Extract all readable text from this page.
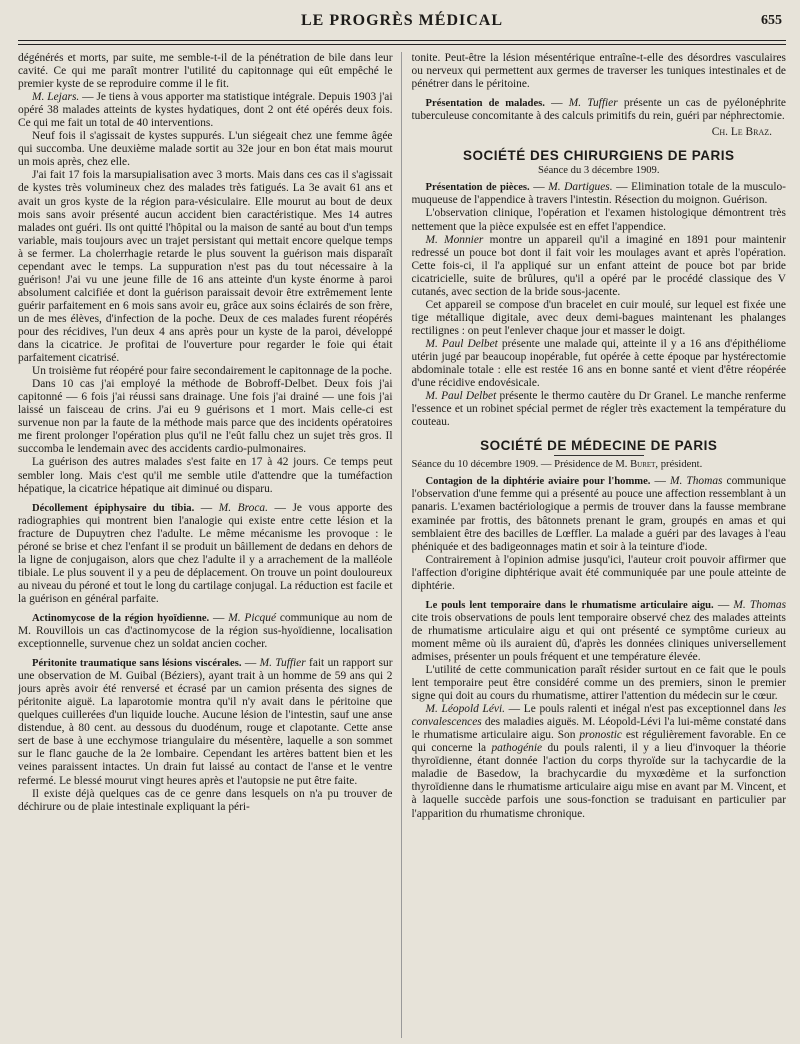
LE PROGRÈS MÉDICAL	655

dégénérés et morts, par suite, me semble-t-il de la pénétration de bile dans leur cavité. Ce qui me paraît montrer l'utilité du capitonnage qui eût empêché le premier kyste de se reproduire comme il le fit.

M. Lejars. — Je tiens à vous apporter ma statistique intégrale. Depuis 1903 j'ai opéré 38 malades atteints de kystes hydatiques, dont 2 ont été opérés deux fois. Ce qui me fait un total de 40 interventions.

Neuf fois il s'agissait de kystes suppurés. L'un siégeait chez une femme âgée qui succomba. Une deuxième malade sortit au 32e jour en bon état mais mourut un mois après, chez elle.

J'ai fait 17 fois la marsupialisation avec 3 morts. Mais dans ces cas il s'agissait de kystes très volumineux chez des malades très fatigués. La 3e avait 61 ans et avait un gros kyste de la région para-vésiculaire. Elle mourut au bout de deux mois sans avoir présenté aucun accident bien caractéristique. Mes 14 autres malades ont guéri. Ils ont quitté l'hôpital ou la maison de santé au bout d'un temps variable, mais toujours avec un trajet persistant qui mettait encore quelque temps à se fermer. La cholerrhagie retarde le plus souvent la guérison mais disparaît cependant avec le temps. La suppuration n'est pas du tout nécessaire à la guérison! J'ai vu une jeune fille de 16 ans atteinte d'un kyste énorme à paroi absolument calcifiée et dont la guérison paraissait devoir être extrêmement lente guérir parfaitement en 6 mois sans avoir eu, grâce aux soins éclairés de son frère, un de mes élèves, d'infection de la poche. Deux de ces malades furent réopérés pour des récidives, l'un deux 4 ans après pour un kyste de la paroi, développé dans la cicatrice. Je profitai de l'ouverture pour regarder le foie qui était parfaitement cicatrisé.

Un troisième fut réopéré pour faire secondairement le capitonnage de la poche.

Dans 10 cas j'ai employé la méthode de Bobroff-Delbet. Deux fois j'ai capitonné — 6 fois j'ai réussi sans drainage. Une fois j'ai drainé — une fois j'ai laissé un faisceau de crins. J'ai eu 9 guérisons et 1 mort. Mais celle-ci est survenue non par la faute de la méthode mais parce que des incidents opératoires me firent prolonger l'opération plus qu'il ne l'eût fallu chez un sujet très gros. Il succomba le lendemain avec des accidents cardio-pulmonaires.

La guérison des autres malades s'est faite en 17 à 42 jours. Ce temps peut sembler long. Mais c'est qu'il me semble utile d'attendre que la tuméfaction hépatique, la cicatrice hépatique ait diminué ou disparu.

Décollement épiphysaire du tibia. — M. Broca. — Je vous apporte des radiographies qui montrent bien l'analogie qui existe entre cette lésion et la fracture de Dupuytren chez l'adulte. Le même mécanisme les provoque : le péroné se brise et chez l'enfant il se produit un bâillement de dedans en dehors de la ligne de conjugaison, alors que chez l'adulte il y a arrachement de la malléole tibiale. Le plus souvent il y a peu de déplacement. On trouve un point douloureux au niveau du péroné et tout le long du cartilage conjugal. La réduction est facile et la guérison en général parfaite.

Actinomycose de la région hyoïdienne. — M. Picqué communique au nom de M. Rouvillois un cas d'actinomycose de la région sus-hyoïdienne, localisation exceptionnelle, survenue chez un soldat ancien cocher.

Péritonite traumatique sans lésions viscérales. — M. Tuffier fait un rapport sur une observation de M. Guibal (Béziers), ayant trait à un homme de 59 ans qui 2 jours après avoir été renversé et écrasé par un camion présenta des signes de péritonite aiguë. La laparotomie montra qu'il n'y avait dans le péritoine que quelques cuillerées d'un liquide louche. Aucune lésion de l'intestin, sauf une anse distendue, à 80 cent. au dessous du duodénum, rouge et clapotante. Cette anse sert de base à une ecchymose triangulaire du mésentère, laquelle a son sommet sur le flanc gauche de la 2e lombaire. Cependant les artères battent bien et les veines paraissent intactes. Un drain fut laissé au contact de l'anse et le ventre refermé. Le blessé mourut vingt heures après et l'autopsie ne put être faite.

Il existe déjà quelques cas de ce genre dans lesquels on n'a pu trouver de déchirure ou de plaie intestinale expliquant la péri-

tonite. Peut-être la lésion mésentérique entraîne-t-elle des désordres vasculaires ou nerveux qui permettent aux germes de traverser les tuniques intestinales et de pénétrer dans le péritoine.

Présentation de malades. — M. Tuffier présente un cas de pyélonéphrite tuberculeuse concomitante à des calculs primitifs du rein, guéri par néphrectomie.

Ch. Le Braz.
SOCIÉTÉ DES CHIRURGIENS DE PARIS
Séance du 3 décembre 1909.

Présentation de pièces. — M. Dartigues. — Elimination totale de la musculo-muqueuse de l'appendice à travers l'intestin. Résection du moignon. Guérison.

L'observation clinique, l'opération et l'examen histologique démontrent très nettement que la pièce expulsée est en effet l'appendice.

M. Monnier montre un appareil qu'il a imaginé en 1891 pour maintenir redressé un pouce bot dont il fait voir les moulages avant et après l'opération. Cette fois-ci, il l'a appliqué sur un enfant atteint de pouce bot par bride cicatricielle, suite de brûlures, qu'il a opéré par le procédé classique des V cutanés, avec section de la bride sous-jacente.

Cet appareil se compose d'un bracelet en cuir moulé, sur lequel est fixée une tige métallique digitale, avec deux demi-bagues maintenant les phalanges rectilignes : on peut l'enlever chaque jour et masser le doigt.

M. Paul Delbet présente une malade qui, atteinte il y a 16 ans d'épithéliome utérin jugé par beaucoup inopérable, fut opérée à cette époque par hystérectomie abdominale totale : elle est restée 16 ans en bonne santé et vient d'être réopérée d'une récidive endovésicale.

M. Paul Delbet présente le thermo cautère du Dr Granel. Le manche renferme l'essence et un robinet spécial permet de régler très exactement la température du couteau.

SOCIÉTÉ DE MÉDECINE DE PARIS
Séance du 10 décembre 1909. — Présidence de M. Buret, président.

Contagion de la diphtérie aviaire pour l'homme. — M. Thomas communique l'observation d'une femme qui a présenté au pouce une affection ressemblant à un panaris. L'examen bactériologique a permis de trouver dans la fausse membrane examinée par frottis, des bâtonnets prenant le gram, groupés en amas et qui semblaient être des bacilles de Lœffler. La malade a guéri par des lavages à l'eau phéniquée et des badigeonnages matin et soir à la teinture d'iode.

Contrairement à l'opinion admise jusqu'ici, l'auteur croit pouvoir affirmer que l'affection d'origine diphtérique avait été communiquée par une poule atteinte de diphtérie.

Le pouls lent temporaire dans le rhumatisme articulaire aigu. — M. Thomas cite trois observations de pouls lent temporaire observé chez des malades atteints de rhumatisme articulaire aigu et qui ont présenté ce symptôme curieux au moment même où ils auraient dû, d'après les données cliniques universellement admises, présenter un pouls fréquent et une température élevée.

L'utilité de cette communication paraît résider surtout en ce fait que le pouls lent temporaire peut être considéré comme un des premiers, sinon le premier signe qui doit au cours du rhumatisme, attirer l'attention du médecin sur le cœur.

M. Léopold Lévi. — Le pouls ralenti et inégal n'est pas exceptionnel dans les convalescences des maladies aiguës. M. Léopold-Lévi l'a lui-même constaté dans le rhumatisme articulaire aigu. Son pronostic est régulièrement favorable. En ce qui concerne la pathogénie du pouls ralenti, il y a lieu d'invoquer la théorie thyroïdienne, étant donnée l'action du corps thyroïde sur la tachycardie de la maladie de Basedow, la brachycardie du myxœdème et la surfonction thyroïdienne dans le rhumatisme articulaire aigu mise en avant par M. Vincent, et à laquelle succède parfois une sous-fonction se traduisant en particulier par l'apparition du rhumatisme chronique.
